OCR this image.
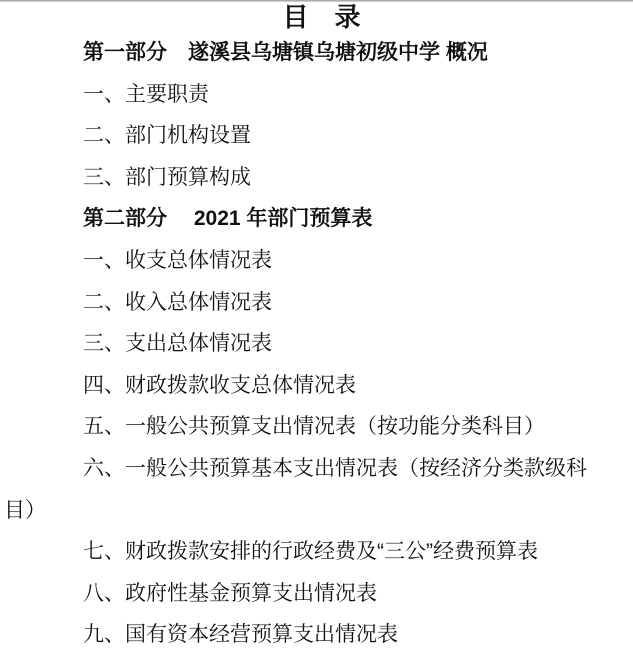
目　录
第一部分　遂溪县乌塘镇乌塘初级中学 概况
一、主要职责
二、部门机构设置
三、部门预算构成
第二部分　 2021 年部门预算表
一、收支总体情况表
二、收入总体情况表
三、支出总体情况表
四、财政拨款收支总体情况表
五、一般公共预算支出情况表（按功能分类科目）
六、一般公共预算基本支出情况表（按经济分类款级科
目）
七、财政拨款安排的行政经费及“三公”经费预算表
八、政府性基金预算支出情况表
九、国有资本经营预算支出情况表
